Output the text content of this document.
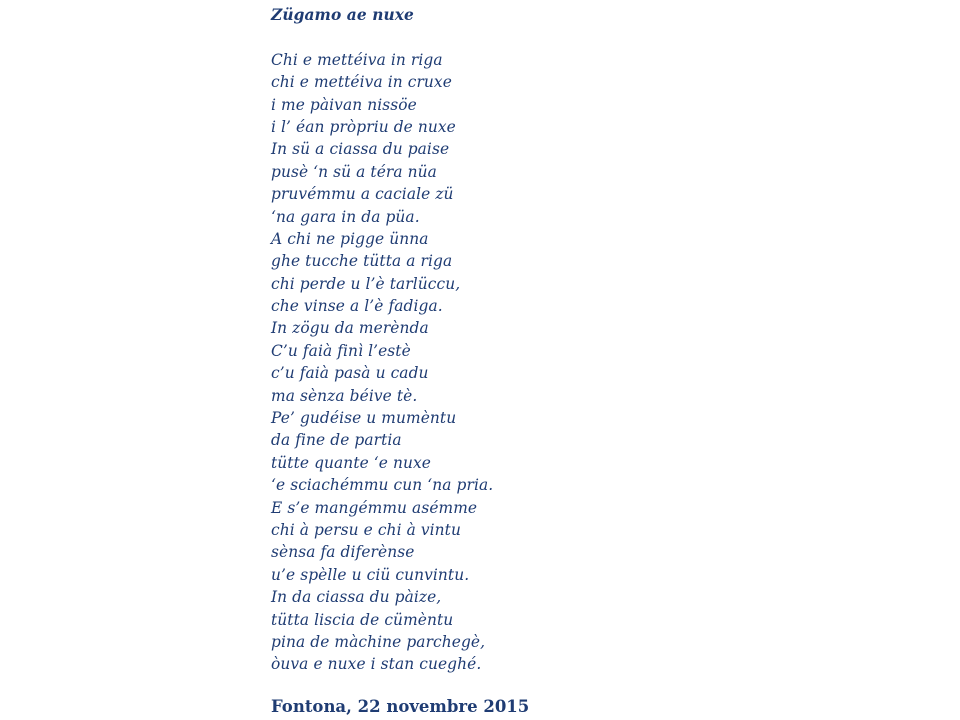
Zügamo ae nuxe
Chi e mettéiva in riga
chi e mettéiva in cruxe
i me pàivan nissöe
i l’ éan pròpriu de nuxe
In sü a ciassa du paise
pusè ‘n sü a téra nüa
pruvémmu a caciale zü
‘na gara in da püa.
A chi ne pigge ünna
ghe tucche tütta a riga
chi perde u l’è tarlüccu,
che vinse a l’è fadiga.
In zögu da merènda
C’u faià finì l’estè
c’u faià pasà u cadu
ma sènza béive tè.
Pe’ gudéise u mumèntu
da fine de partia
tütte quante ‘e nuxe
‘e sciachémmu cun ‘na pria.
E s’e mangémmu asémme
chi à persu e chi à vintu
sènsa fa diferènse
u’e spèlle u ciü cunvintu.
In da ciassa du pàize,
tütta liscia de cümèntu
pina de màchine parchegè,
òuva e nuxe i stan cueghé.
Fontona, 22 novembre 2015
